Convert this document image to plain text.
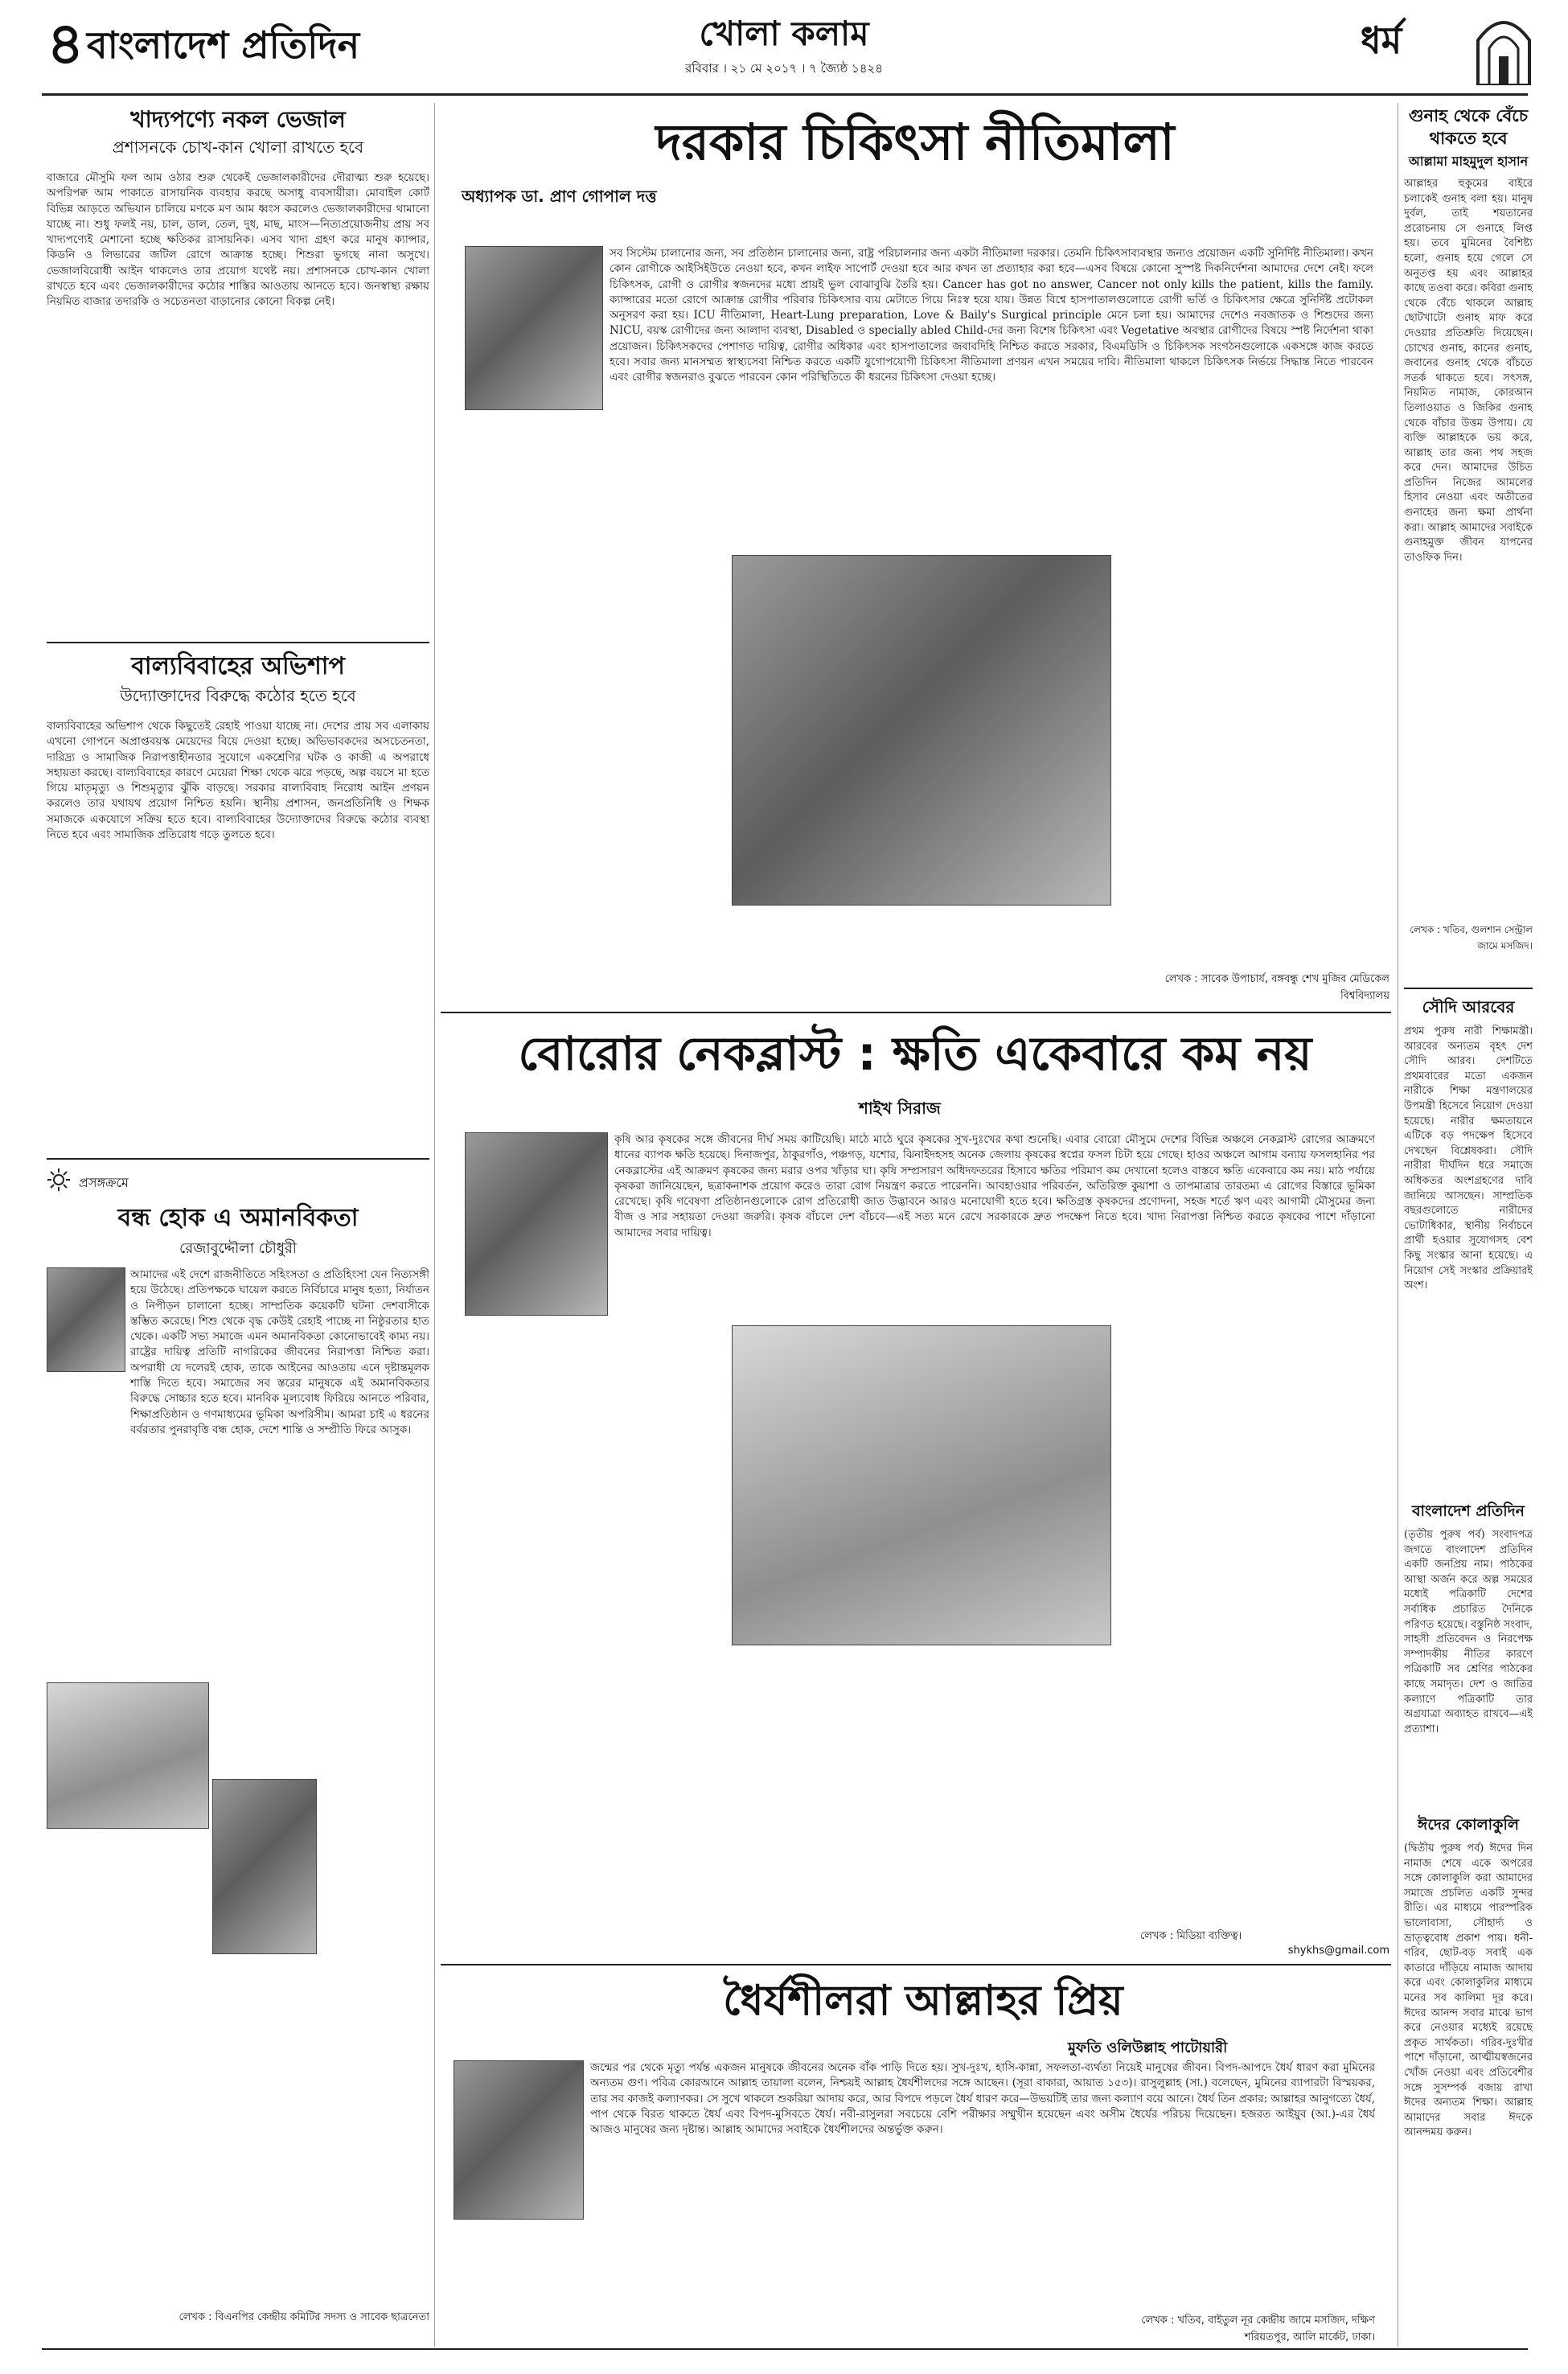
৪ বাংলাদেশ প্রতিদিন	খোলা কলাম
রবিবার । ২১ মে ২০১৭ । ৭ জ্যৈষ্ঠ ১৪২৪
ধর্ম
খাদ্যপণ্যে নকল ভেজাল
প্রশাসনকে চোখ-কান খোলা রাখতে হবে
বাজারে মৌসুমি ফল আম ওঠার শুরু থেকেই ভেজালকারীদের দৌরাত্ম্য শুরু হয়েছে। অপরিপক্ব আম পাকাতে রাসায়নিক ব্যবহার করছে অসাধু ব্যবসায়ীরা। মোবাইল কোর্ট বিভিন্ন আড়তে অভিযান চালিয়ে মণকে মণ আম ধ্বংস করলেও ভেজালকারীদের থামানো যাচ্ছে না। শুধু ফলই নয়, চাল, ডাল, তেল, দুধ, মাছ, মাংস—নিত্যপ্রয়োজনীয় প্রায় সব খাদ্যপণ্যেই মেশানো হচ্ছে ক্ষতিকর রাসায়নিক। এসব খাদ্য গ্রহণ করে মানুষ ক্যান্সার, কিডনি ও লিভারের জটিল রোগে আক্রান্ত হচ্ছে। শিশুরা ভুগছে নানা অসুখে। ভেজালবিরোধী আইন থাকলেও তার প্রয়োগ যথেষ্ট নয়। প্রশাসনকে চোখ-কান খোলা রাখতে হবে এবং ভেজালকারীদের কঠোর শাস্তির আওতায় আনতে হবে। জনস্বাস্থ্য রক্ষায় নিয়মিত বাজার তদারকি ও সচেতনতা বাড়ানোর কোনো বিকল্প নেই।
বাল্যবিবাহের অভিশাপ
উদ্যোক্তাদের বিরুদ্ধে কঠোর হতে হবে
বাল্যবিবাহের অভিশাপ থেকে কিছুতেই রেহাই পাওয়া যাচ্ছে না। দেশের প্রায় সব এলাকায় এখনো গোপনে অপ্রাপ্তবয়স্ক মেয়েদের বিয়ে দেওয়া হচ্ছে। অভিভাবকদের অসচেতনতা, দারিদ্র্য ও সামাজিক নিরাপত্তাহীনতার সুযোগে একশ্রেণির ঘটক ও কাজী এ অপরাধে সহায়তা করছে। বাল্যবিবাহের কারণে মেয়েরা শিক্ষা থেকে ঝরে পড়ছে, অল্প বয়সে মা হতে গিয়ে মাতৃমৃত্যু ও শিশুমৃত্যুর ঝুঁকি বাড়ছে। সরকার বাল্যবিবাহ নিরোধ আইন প্রণয়ন করলেও তার যথাযথ প্রয়োগ নিশ্চিত হয়নি। স্থানীয় প্রশাসন, জনপ্রতিনিধি ও শিক্ষক সমাজকে একযোগে সক্রিয় হতে হবে। বাল্যবিবাহের উদ্যোক্তাদের বিরুদ্ধে কঠোর ব্যবস্থা নিতে হবে এবং সামাজিক প্রতিরোধ গড়ে তুলতে হবে।
প্রসঙ্গক্রমে
বন্ধ হোক এ অমানবিকতা
রেজাবুদ্দৌলা চৌধুরী
আমাদের এই দেশে রাজনীতিতে সহিংসতা ও প্রতিহিংসা যেন নিত্যসঙ্গী হয়ে উঠেছে। প্রতিপক্ষকে ঘায়েল করতে নির্বিচারে মানুষ হত্যা, নির্যাতন ও নিপীড়ন চালানো হচ্ছে। সাম্প্রতিক কয়েকটি ঘটনা দেশবাসীকে স্তম্ভিত করেছে। শিশু থেকে বৃদ্ধ কেউই রেহাই পাচ্ছে না নিষ্ঠুরতার হাত থেকে। একটি সভ্য সমাজে এমন অমানবিকতা কোনোভাবেই কাম্য নয়। রাষ্ট্রের দায়িত্ব প্রতিটি নাগরিকের জীবনের নিরাপত্তা নিশ্চিত করা। অপরাধী যে দলেরই হোক, তাকে আইনের আওতায় এনে দৃষ্টান্তমূলক শাস্তি দিতে হবে। সমাজের সব স্তরের মানুষকে এই অমানবিকতার বিরুদ্ধে সোচ্চার হতে হবে। মানবিক মূল্যবোধ ফিরিয়ে আনতে পরিবার, শিক্ষাপ্রতিষ্ঠান ও গণমাধ্যমের ভূমিকা অপরিসীম। আমরা চাই এ ধরনের বর্বরতার পুনরাবৃত্তি বন্ধ হোক, দেশে শান্তি ও সম্প্রীতি ফিরে আসুক।
লেখক : বিএনপির কেন্দ্রীয় কমিটির সদস্য ও সাবেক ছাত্রনেতা
দরকার চিকিৎসা নীতিমালা
অধ্যাপক ডা. প্রাণ গোপাল দত্ত
সব সিস্টেম চালানোর জন্য, সব প্রতিষ্ঠান চালানোর জন্য, রাষ্ট্র পরিচালনার জন্য একটা নীতিমালা দরকার। তেমনি চিকিৎসাব্যবস্থার জন্যও প্রয়োজন একটি সুনির্দিষ্ট নীতিমালা। কখন কোন রোগীকে আইসিইউতে নেওয়া হবে, কখন লাইফ সাপোর্ট দেওয়া হবে আর কখন তা প্রত্যাহার করা হবে—এসব বিষয়ে কোনো সুস্পষ্ট দিকনির্দেশনা আমাদের দেশে নেই। ফলে চিকিৎসক, রোগী ও রোগীর স্বজনদের মধ্যে প্রায়ই ভুল বোঝাবুঝি তৈরি হয়। Cancer has got no answer, Cancer not only kills the patient, kills the family. ক্যান্সারের মতো রোগে আক্রান্ত রোগীর পরিবার চিকিৎসার ব্যয় মেটাতে গিয়ে নিঃস্ব হয়ে যায়। উন্নত বিশ্বে হাসপাতালগুলোতে রোগী ভর্তি ও চিকিৎসার ক্ষেত্রে সুনির্দিষ্ট প্রটোকল অনুসরণ করা হয়। ICU নীতিমালা, Heart-Lung preparation, Love & Baily's Surgical principle মেনে চলা হয়। আমাদের দেশেও নবজাতক ও শিশুদের জন্য NICU, বয়স্ক রোগীদের জন্য আলাদা ব্যবস্থা, Disabled ও specially abled Child-দের জন্য বিশেষ চিকিৎসা এবং Vegetative অবস্থার রোগীদের বিষয়ে স্পষ্ট নির্দেশনা থাকা প্রয়োজন। চিকিৎসকদের পেশাগত দায়িত্ব, রোগীর অধিকার এবং হাসপাতালের জবাবদিহি নিশ্চিত করতে সরকার, বিএমডিসি ও চিকিৎসক সংগঠনগুলোকে একসঙ্গে কাজ করতে হবে। সবার জন্য মানসম্মত স্বাস্থ্যসেবা নিশ্চিত করতে একটি যুগোপযোগী চিকিৎসা নীতিমালা প্রণয়ন এখন সময়ের দাবি। নীতিমালা থাকলে চিকিৎসক নির্ভয়ে সিদ্ধান্ত নিতে পারবেন এবং রোগীর স্বজনরাও বুঝতে পারবেন কোন পরিস্থিতিতে কী ধরনের চিকিৎসা দেওয়া হচ্ছে।
লেখক : সাবেক উপাচার্য, বঙ্গবন্ধু শেখ মুজিব মেডিকেল বিশ্ববিদ্যালয়
বোরোর নেকব্লাস্ট : ক্ষতি একেবারে কম নয়
শাইখ সিরাজ
কৃষি আর কৃষকের সঙ্গে জীবনের দীর্ঘ সময় কাটিয়েছি। মাঠে মাঠে ঘুরে কৃষকের সুখ-দুঃখের কথা শুনেছি। এবার বোরো মৌসুমে দেশের বিভিন্ন অঞ্চলে নেকব্লাস্ট রোগের আক্রমণে ধানের ব্যাপক ক্ষতি হয়েছে। দিনাজপুর, ঠাকুরগাঁও, পঞ্চগড়, যশোর, ঝিনাইদহসহ অনেক জেলায় কৃষকের স্বপ্নের ফসল চিটা হয়ে গেছে। হাওর অঞ্চলে আগাম বন্যায় ফসলহানির পর নেকব্লাস্টের এই আক্রমণ কৃষকের জন্য মরার ওপর খাঁড়ার ঘা। কৃষি সম্প্রসারণ অধিদফতরের হিসাবে ক্ষতির পরিমাণ কম দেখানো হলেও বাস্তবে ক্ষতি একেবারে কম নয়। মাঠ পর্যায়ে কৃষকরা জানিয়েছেন, ছত্রাকনাশক প্রয়োগ করেও তারা রোগ নিয়ন্ত্রণ করতে পারেননি। আবহাওয়ার পরিবর্তন, অতিরিক্ত কুয়াশা ও তাপমাত্রার তারতম্য এ রোগের বিস্তারে ভূমিকা রেখেছে। কৃষি গবেষণা প্রতিষ্ঠানগুলোকে রোগ প্রতিরোধী জাত উদ্ভাবনে আরও মনোযোগী হতে হবে। ক্ষতিগ্রস্ত কৃষকদের প্রণোদনা, সহজ শর্তে ঋণ এবং আগামী মৌসুমের জন্য বীজ ও সার সহায়তা দেওয়া জরুরি। কৃষক বাঁচলে দেশ বাঁচবে—এই সত্য মনে রেখে সরকারকে দ্রুত পদক্ষেপ নিতে হবে। খাদ্য নিরাপত্তা নিশ্চিত করতে কৃষকের পাশে দাঁড়ানো আমাদের সবার দায়িত্ব।
লেখক : মিডিয়া ব্যক্তিত্ব।
shykhs@gmail.com
ধৈর্যশীলরা আল্লাহর প্রিয়
মুফতি ওলিউল্লাহ পাটোয়ারী
জন্মের পর থেকে মৃত্যু পর্যন্ত একজন মানুষকে জীবনের অনেক বাঁক পাড়ি দিতে হয়। সুখ-দুঃখ, হাসি-কান্না, সফলতা-ব্যর্থতা নিয়েই মানুষের জীবন। বিপদ-আপদে ধৈর্য ধারণ করা মুমিনের অন্যতম গুণ। পবিত্র কোরআনে আল্লাহ তায়ালা বলেন, নিশ্চয়ই আল্লাহ ধৈর্যশীলদের সঙ্গে আছেন। (সূরা বাকারা, আয়াত ১৫৩)। রাসুলুল্লাহ (সা.) বলেছেন, মুমিনের ব্যাপারটা বিস্ময়কর, তার সব কাজই কল্যাণকর। সে সুখে থাকলে শুকরিয়া আদায় করে, আর বিপদে পড়লে ধৈর্য ধারণ করে—উভয়টিই তার জন্য কল্যাণ বয়ে আনে। ধৈর্য তিন প্রকার: আল্লাহর আনুগত্যে ধৈর্য, পাপ থেকে বিরত থাকতে ধৈর্য এবং বিপদ-মুসিবতে ধৈর্য। নবী-রাসুলরা সবচেয়ে বেশি পরীক্ষার সম্মুখীন হয়েছেন এবং অসীম ধৈর্যের পরিচয় দিয়েছেন। হজরত আইয়ুব (আ.)-এর ধৈর্য আজও মানুষের জন্য দৃষ্টান্ত। আল্লাহ আমাদের সবাইকে ধৈর্যশীলদের অন্তর্ভুক্ত করুন।
লেখক : খতিব, বাইতুল নূর কেন্দ্রীয় জামে মসজিদ, দক্ষিণ শরিয়তপুর, আলি মার্কেট, ঢাকা।
গুনাহ থেকে বেঁচে থাকতে হবে
আল্লামা মাহমুদুল হাসান
আল্লাহর হুকুমের বাইরে চলাকেই গুনাহ বলা হয়। মানুষ দুর্বল, তাই শয়তানের প্ররোচনায় সে গুনাহে লিপ্ত হয়। তবে মুমিনের বৈশিষ্ট্য হলো, গুনাহ হয়ে গেলে সে অনুতপ্ত হয় এবং আল্লাহর কাছে তওবা করে। কবিরা গুনাহ থেকে বেঁচে থাকলে আল্লাহ ছোটখাটো গুনাহ মাফ করে দেওয়ার প্রতিশ্রুতি দিয়েছেন। চোখের গুনাহ, কানের গুনাহ, জবানের গুনাহ থেকে বাঁচতে সতর্ক থাকতে হবে। সৎসঙ্গ, নিয়মিত নামাজ, কোরআন তিলাওয়াত ও জিকির গুনাহ থেকে বাঁচার উত্তম উপায়। যে ব্যক্তি আল্লাহকে ভয় করে, আল্লাহ তার জন্য পথ সহজ করে দেন। আমাদের উচিত প্রতিদিন নিজের আমলের হিসাব নেওয়া এবং অতীতের গুনাহের জন্য ক্ষমা প্রার্থনা করা। আল্লাহ আমাদের সবাইকে গুনাহমুক্ত জীবন যাপনের তাওফিক দিন।
লেখক : খতিব, গুলশান সেন্ট্রাল জামে মসজিদ।
সৌদি আরবের
প্রথম পুরুষ নারী শিক্ষামন্ত্রী। আরবের অন্যতম বৃহৎ দেশ সৌদি আরব। দেশটিতে প্রথমবারের মতো একজন নারীকে শিক্ষা মন্ত্রণালয়ের উপমন্ত্রী হিসেবে নিয়োগ দেওয়া হয়েছে। নারীর ক্ষমতায়নে এটিকে বড় পদক্ষেপ হিসেবে দেখছেন বিশ্লেষকরা। সৌদি নারীরা দীর্ঘদিন ধরে সমাজে অধিকতর অংশগ্রহণের দাবি জানিয়ে আসছেন। সাম্প্রতিক বছরগুলোতে নারীদের ভোটাধিকার, স্থানীয় নির্বাচনে প্রার্থী হওয়ার সুযোগসহ বেশ কিছু সংস্কার আনা হয়েছে। এ নিয়োগ সেই সংস্কার প্রক্রিয়ারই অংশ।
বাংলাদেশ প্রতিদিন
(তৃতীয় পুরুষ পর্ব) সংবাদপত্র জগতে বাংলাদেশ প্রতিদিন একটি জনপ্রিয় নাম। পাঠকের আস্থা অর্জন করে অল্প সময়ের মধ্যেই পত্রিকাটি দেশের সর্বাধিক প্রচারিত দৈনিকে পরিণত হয়েছে। বস্তুনিষ্ঠ সংবাদ, সাহসী প্রতিবেদন ও নিরপেক্ষ সম্পাদকীয় নীতির কারণে পত্রিকাটি সব শ্রেণির পাঠকের কাছে সমাদৃত। দেশ ও জাতির কল্যাণে পত্রিকাটি তার অগ্রযাত্রা অব্যাহত রাখবে—এই প্রত্যাশা।
ঈদের কোলাকুলি
(দ্বিতীয় পুরুষ পর্ব) ঈদের দিন নামাজ শেষে একে অপরের সঙ্গে কোলাকুলি করা আমাদের সমাজে প্রচলিত একটি সুন্দর রীতি। এর মাধ্যমে পারস্পরিক ভালোবাসা, সৌহার্দ্য ও ভ্রাতৃত্ববোধ প্রকাশ পায়। ধনী-গরিব, ছোট-বড় সবাই এক কাতারে দাঁড়িয়ে নামাজ আদায় করে এবং কোলাকুলির মাধ্যমে মনের সব কালিমা দূর করে। ঈদের আনন্দ সবার মাঝে ভাগ করে নেওয়ার মধ্যেই রয়েছে প্রকৃত সার্থকতা। গরিব-দুঃখীর পাশে দাঁড়ানো, আত্মীয়স্বজনের খোঁজ নেওয়া এবং প্রতিবেশীর সঙ্গে সুসম্পর্ক বজায় রাখা ঈদের অন্যতম শিক্ষা। আল্লাহ আমাদের সবার ঈদকে আনন্দময় করুন।
